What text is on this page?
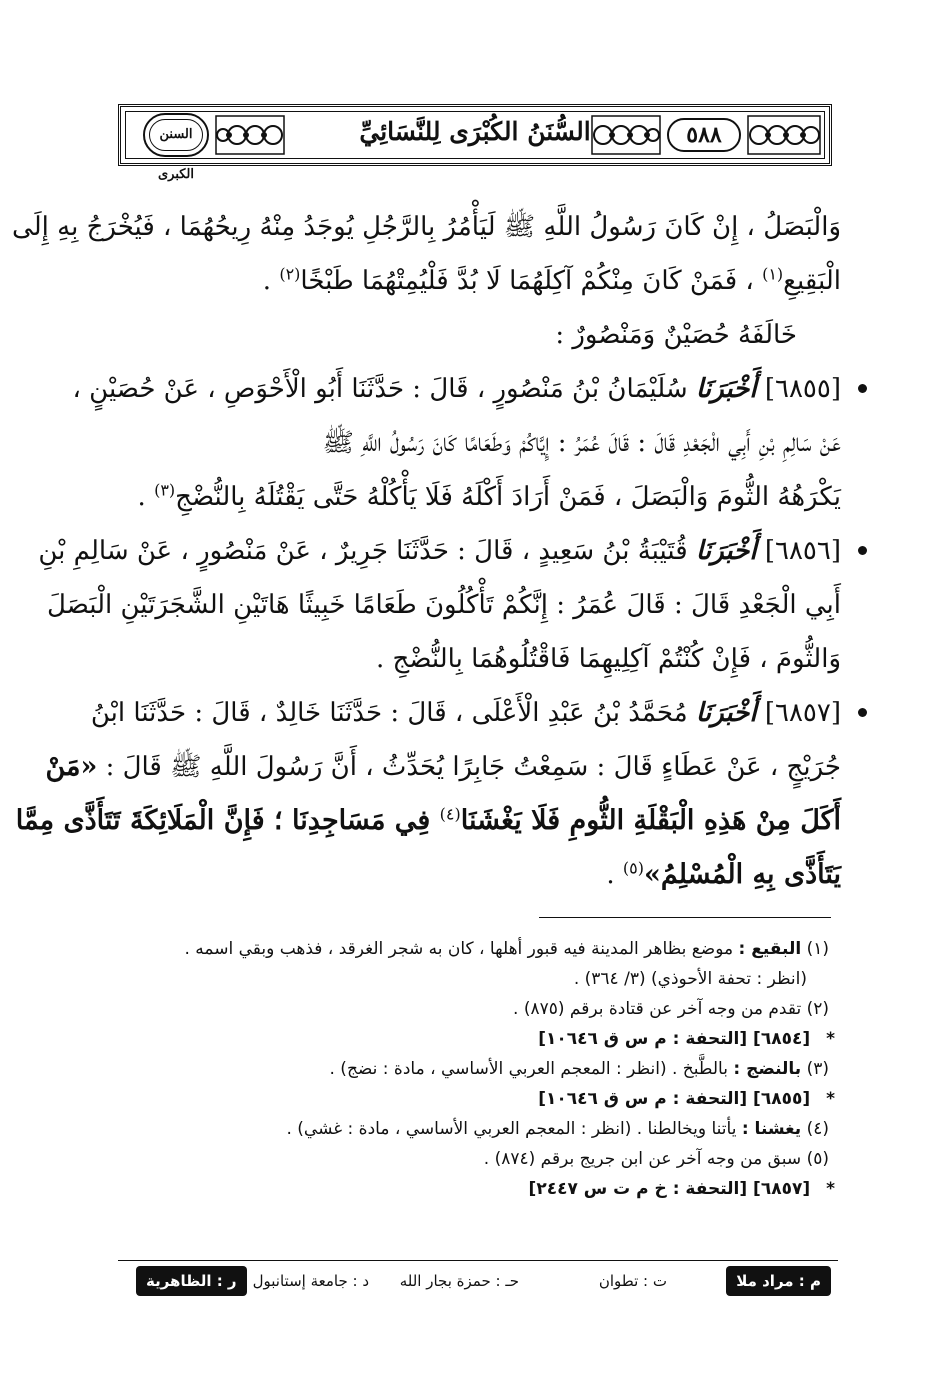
٥٨٨
السُّنَنُ الكُبْرَى لِلنَّسَائِيِّ
السنن الكبرى
وَالْبَصَلُ ، إِنْ كَانَ رَسُولُ اللَّهِ ﷺ لَيَأْمُرُ بِالرَّجُلِ يُوجَدُ مِنْهُ رِيحُهُمَا ، فَيُخْرَجُ بِهِ إِلَى
الْبَقِيعِ$^{(١)}$ ، فَمَنْ كَانَ مِنْكُمْ آكِلَهُمَا لَا بُدَّ فَلْيُمِتْهُمَا طَبْخًا$^{(٢)}$ .
خَالَفَهُ حُصَيْنٌ وَمَنْصُورٌ :
[٦٨٥٥] أَخْبَرَنَا سُلَيْمَانُ بْنُ مَنْصُورٍ ، قَالَ : حَدَّثَنَا أَبُو الْأَحْوَصِ ، عَنْ حُصَيْنٍ ،
عَنْ سَالِمِ بْنِ أَبِي الْجَعْدِ قَالَ : قَالَ عُمَرُ : إِيَّاكُمْ وَطَعَامًا كَانَ رَسُولُ اللَّهِ ﷺ
يَكْرَهُهُ الثُّومَ وَالْبَصَلَ ، فَمَنْ أَرَادَ أَكْلَهُ فَلَا يَأْكُلْهُ حَتَّى يَقْتُلَهُ بِالنُّضْجِ$^{(٣)}$ .
[٦٨٥٦] أَخْبَرَنَا قُتَيْبَةُ بْنُ سَعِيدٍ ، قَالَ : حَدَّثَنَا جَرِيرٌ ، عَنْ مَنْصُورٍ ، عَنْ سَالِمِ بْنِ
أَبِي الْجَعْدِ قَالَ : قَالَ عُمَرُ : إِنَّكُمْ تَأْكُلُونَ طَعَامًا خَبِيثًا هَاتَيْنِ الشَّجَرَتَيْنِ الْبَصَلَ
وَالثُّومَ ، فَإِنْ كُنْتُمْ آكِلِيهِمَا فَاقْتُلُوهُمَا بِالنُّضْجِ .
[٦٨٥٧] أَخْبَرَنَا مُحَمَّدُ بْنُ عَبْدِ الْأَعْلَى ، قَالَ : حَدَّثَنَا خَالِدٌ ، قَالَ : حَدَّثَنَا ابْنُ
جُرَيْجٍ ، عَنْ عَطَاءٍ قَالَ : سَمِعْتُ جَابِرًا يُحَدِّثُ ، أَنَّ رَسُولَ اللَّهِ ﷺ قَالَ : «مَنْ
أَكَلَ مِنْ هَذِهِ الْبَقْلَةِ الثُّومِ فَلَا يَغْشَنَا$^{(٤)}$ فِي مَسَاجِدِنَا ؛ فَإِنَّ الْمَلَائِكَةَ تَتَأَذَّى مِمَّا
يَتَأَذَّى بِهِ الْمُسْلِمُ»$^{(٥)}$ .
(١) البقيع : موضع بظاهر المدينة فيه قبور أهلها ، كان به شجر الغرقد ، فذهب وبقي اسمه .
(انظر : تحفة الأحوذي) (٣/ ٣٦٤) .
(٢) تقدم من وجه آخر عن قتادة برقم (٨٧٥) .
*[٦٨٥٤] [التحفة : م س ق ١٠٦٤٦]
(٣) بالنضج : بالطَّبخ . (انظر : المعجم العربي الأساسي ، مادة : نضج) .
*[٦٨٥٥] [التحفة : م س ق ١٠٦٤٦]
(٤) يغشنا : يأتنا ويخالطنا . (انظر : المعجم العربي الأساسي ، مادة : غشي) .
(٥) سبق من وجه آخر عن ابن جريج برقم (٨٧٤) .
*[٦٨٥٧] [التحفة : خ م ت س ٢٤٤٧]
م : مراد ملا
ت : تطوان
حـ : حمزة بجار الله
د : جامعة إستانبول
ر : الظاهرية
